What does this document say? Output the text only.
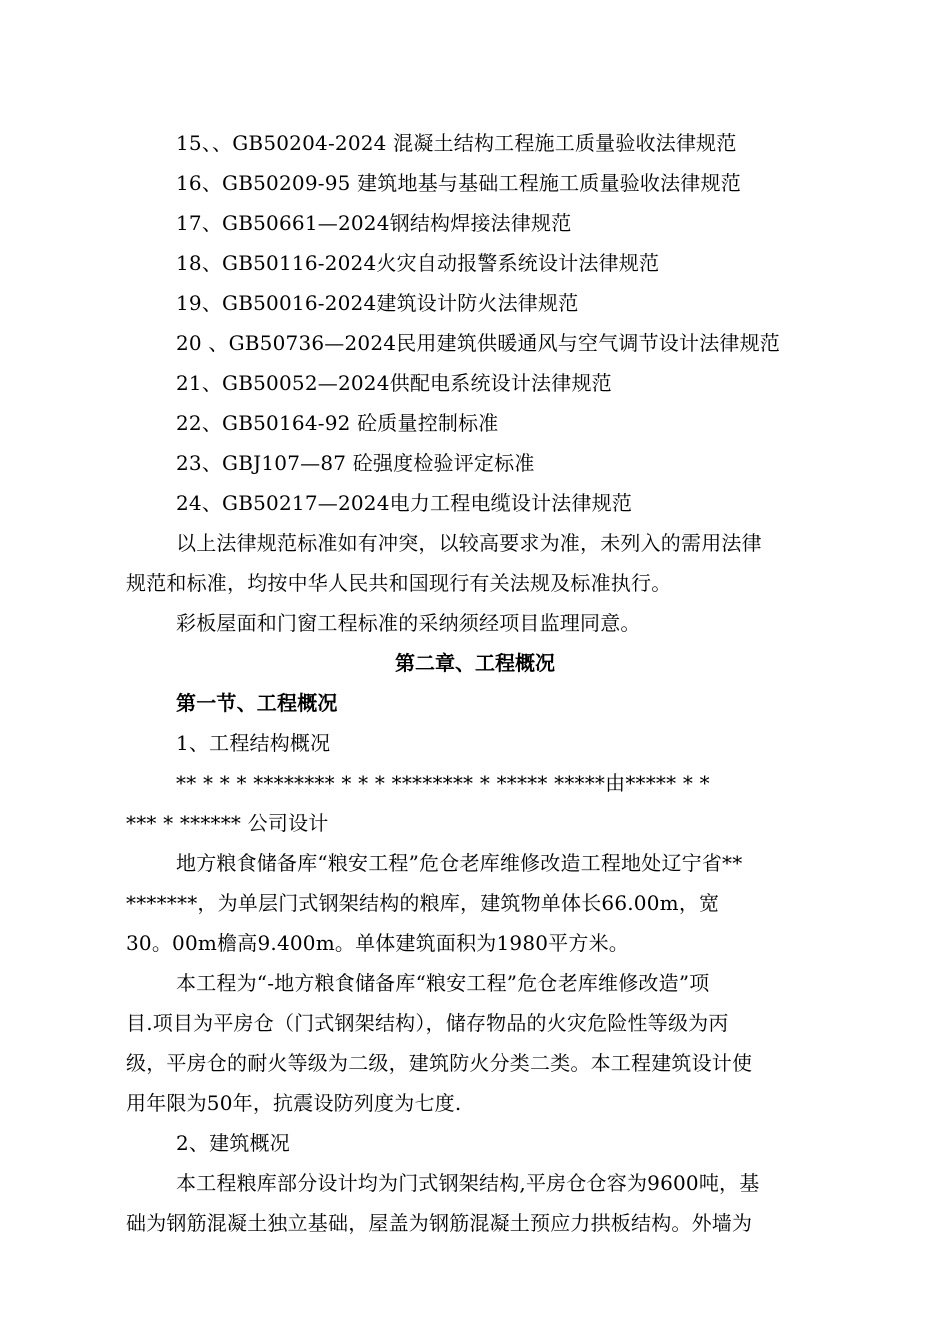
15、、GB50204-2024 混凝土结构工程施工质量验收法律规范
16、GB50209-95 建筑地基与基础工程施工质量验收法律规范
17、GB50661—2024钢结构焊接法律规范
18、GB50116-2024火灾自动报警系统设计法律规范
19、GB50016-2024建筑设计防火法律规范
20 、GB50736—2024民用建筑供暖通风与空气调节设计法律规范
21、GB50052—2024供配电系统设计法律规范
22、GB50164-92 砼质量控制标准
23、GBJ107—87 砼强度检验评定标准
24、GB50217—2024电力工程电缆设计法律规范
以上法律规范标准如有冲突，以较高要求为准，未列入的需用法律
规范和标准，均按中华人民共和国现行有关法规及标准执行。
彩板屋面和门窗工程标准的采纳须经项目监理同意。
第二章、工程概况
第一节、工程概况
1、工程结构概况
** * * * ******** * * * ******** * ***** *****由***** * *
*** * ****** 公司设计
地方粮食储备库“粮安工程”危仓老库维修改造工程地处辽宁省**
*******，为单层门式钢架结构的粮库，建筑物单体长66.00m，宽
30。00m檐高9.400m。单体建筑面积为1980平方米。
本工程为“-地方粮食储备库“粮安工程”危仓老库维修改造”项
目.项目为平房仓（门式钢架结构），储存物品的火灾危险性等级为丙
级，平房仓的耐火等级为二级，建筑防火分类二类。本工程建筑设计使
用年限为50年，抗震设防列度为七度.
2、建筑概况
本工程粮库部分设计均为门式钢架结构,平房仓仓容为9600吨，基
础为钢筋混凝土独立基础，屋盖为钢筋混凝土预应力拱板结构。外墙为
